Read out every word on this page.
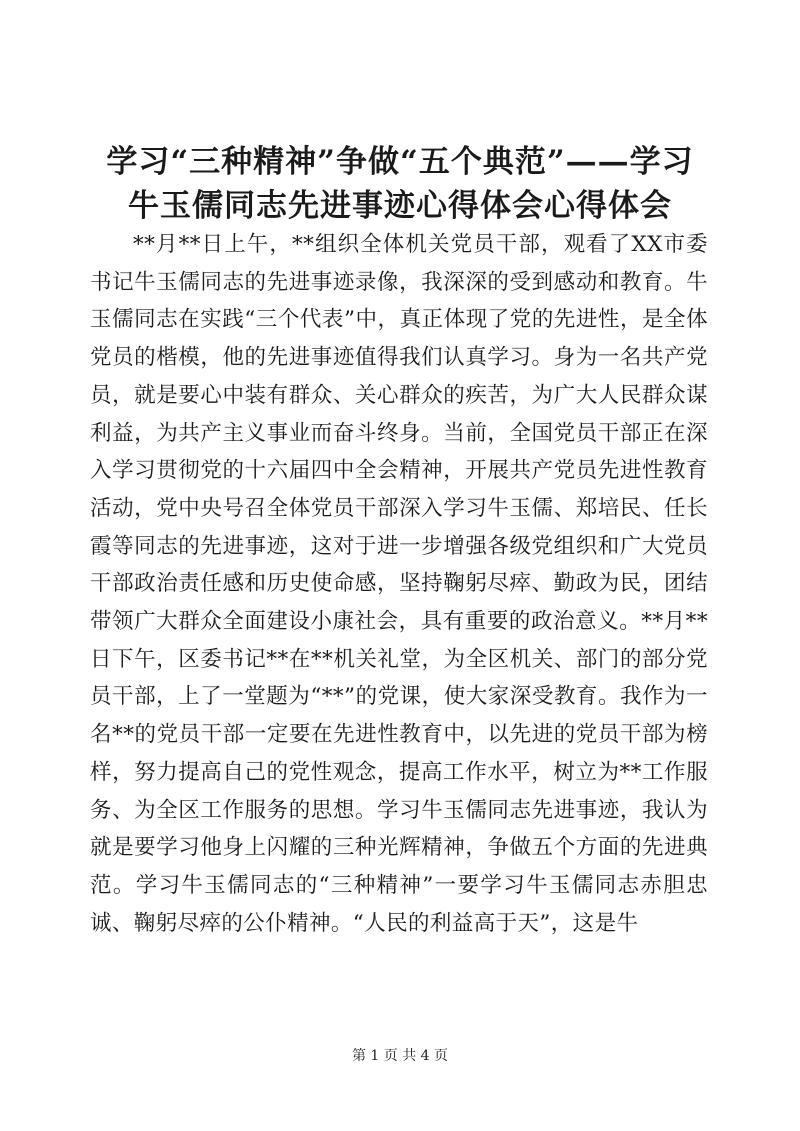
学习“三种精神”争做“五个典范”——学习
牛玉儒同志先进事迹心得体会心得体会

**月**日上午，**组织全体机关党员干部，观看了XX市委书记牛玉儒同志的先进事迹录像，我深深的受到感动和教育。牛玉儒同志在实践“三个代表”中，真正体现了党的先进性，是全体党员的楷模，他的先进事迹值得我们认真学习。身为一名共产党员，就是要心中装有群众、关心群众的疾苦，为广大人民群众谋利益，为共产主义事业而奋斗终身。当前，全国党员干部正在深入学习贯彻党的十六届四中全会精神，开展共产党员先进性教育活动，党中央号召全体党员干部深入学习牛玉儒、郑培民、任长霞等同志的先进事迹，这对于进一步增强各级党组织和广大党员干部政治责任感和历史使命感，坚持鞠躬尽瘁、勤政为民，团结带领广大群众全面建设小康社会，具有重要的政治意义。**月**日下午，区委书记**在**机关礼堂，为全区机关、部门的部分党员干部，上了一堂题为“**”的党课，使大家深受教育。我作为一名**的党员干部一定要在先进性教育中，以先进的党员干部为榜样，努力提高自己的党性观念，提高工作水平，树立为**工作服务、为全区工作服务的思想。学习牛玉儒同志先进事迹，我认为就是要学习他身上闪耀的三种光辉精神，争做五个方面的先进典范。学习牛玉儒同志的“三种精神”一要学习牛玉儒同志赤胆忠诚、鞠躬尽瘁的公仆精神。“人民的利益高于天”，这是牛

第 1 页 共 4 页
